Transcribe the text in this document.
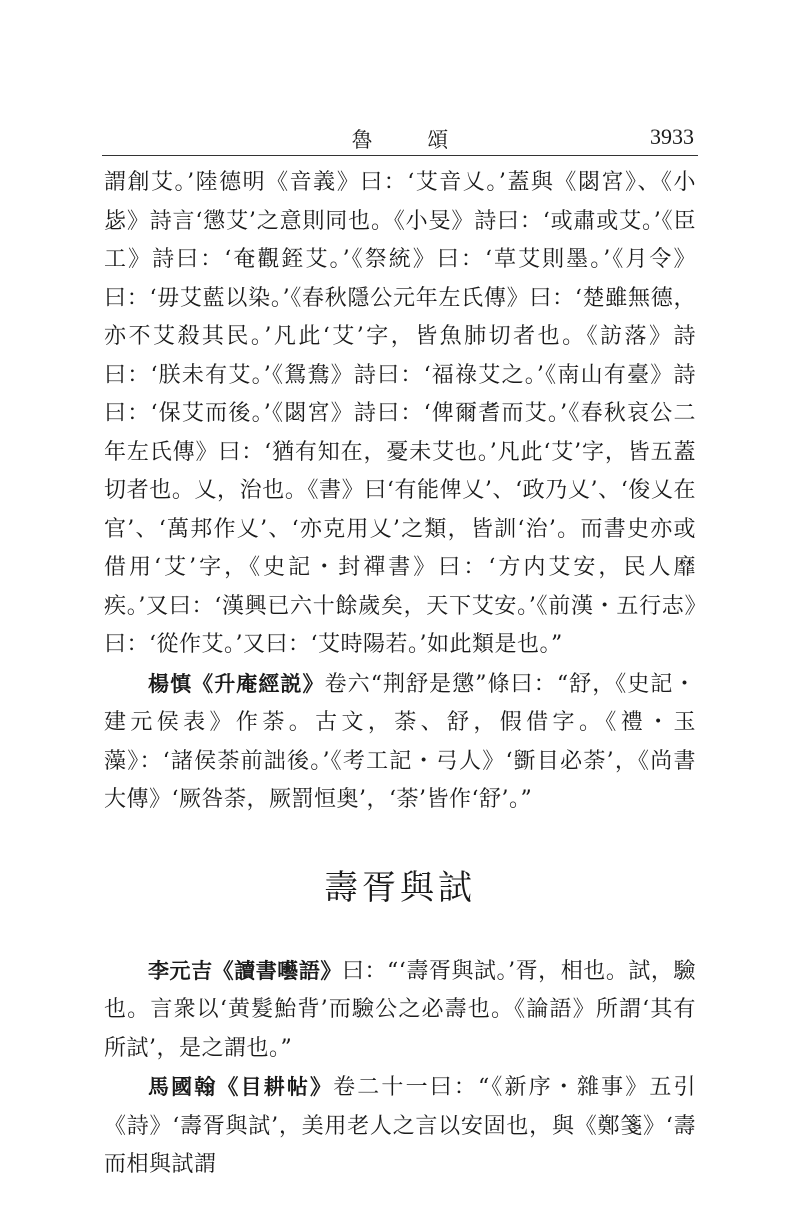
魯 頌	3933

謂創艾。’陸德明《音義》曰：‘艾音乂。’蓋與《閟宮》、《小毖》詩言‘懲艾’之意則同也。《小旻》詩曰：‘或肅或艾。’《臣工》詩曰：‘奄觀銍艾。’《祭統》曰：‘草艾則墨。’《月令》曰：‘毋艾藍以染。’《春秋隱公元年左氏傳》曰：‘楚雖無德，亦不艾殺其民。’凡此‘艾’字，皆魚肺切者也。《訪落》詩曰：‘朕未有艾。’《鴛鴦》詩曰：‘福祿艾之。’《南山有臺》詩曰：‘保艾而後。’《閟宮》詩曰：‘俾爾耆而艾。’《春秋哀公二年左氏傳》曰：‘猶有知在，憂未艾也。’凡此‘艾’字，皆五蓋切者也。乂，治也。《書》曰‘有能俾乂’、‘政乃乂’、‘俊乂在官’、‘萬邦作乂’、‘亦克用乂’之類，皆訓‘治’。而書史亦或借用‘艾’字，《史記・封禪書》曰：‘方内艾安，民人靡疾。’又曰：‘漢興已六十餘歲矣，天下艾安。’《前漢・五行志》曰：‘從作艾。’又曰：‘艾時陽若。’如此類是也。”

楊慎《升庵經説》卷六“荆舒是懲”條曰：“舒，《史記・建元侯表》作荼。古文，荼、舒，假借字。《禮・玉藻》：‘諸侯荼前詘後。’《考工記・弓人》‘斵目必荼’，《尚書大傳》‘厥咎荼，厥罰恒奥’，‘荼’皆作‘舒’。”

壽胥與試

李元吉《讀書囈語》曰：“‘壽胥與試。’胥，相也。試，驗也。言衆以‘黄髮鮐背’而驗公之必壽也。《論語》所謂‘其有所試’，是之謂也。”

馬國翰《目耕帖》卷二十一曰：“《新序・雜事》五引《詩》‘壽胥與試’，美用老人之言以安固也，與《鄭箋》‘壽而相與試謂
